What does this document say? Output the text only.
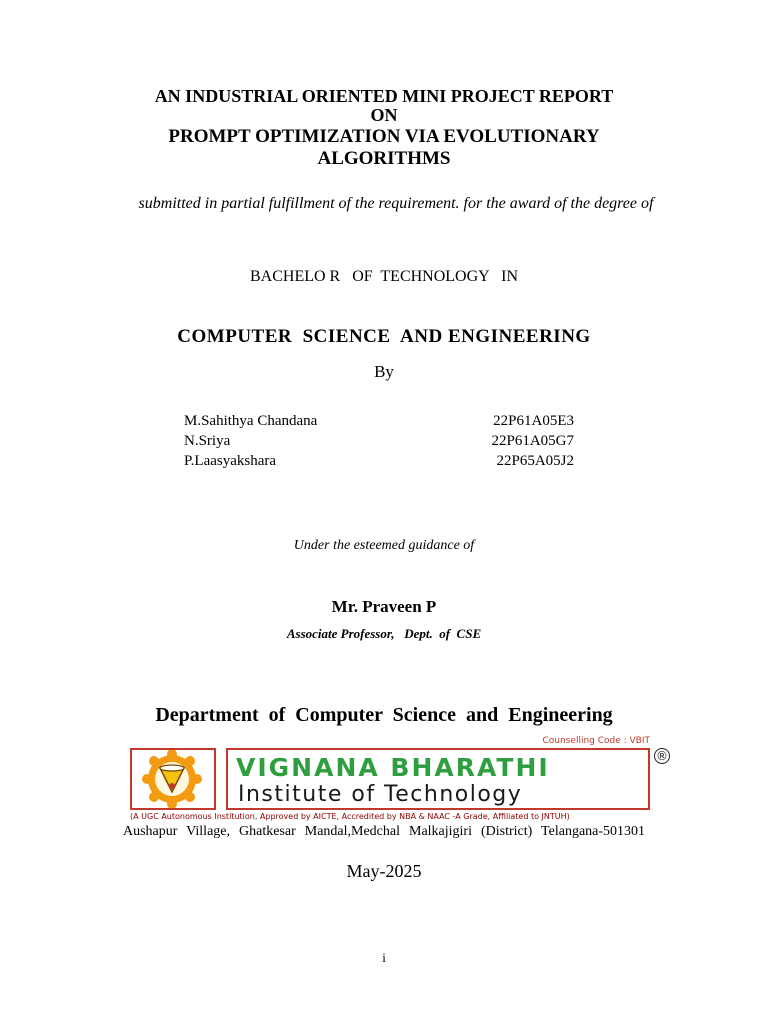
AN INDUSTRIAL ORIENTED MINI PROJECT REPORT
ON
PROMPT OPTIMIZATION VIA EVOLUTIONARY
ALGORITHMS
submitted in partial fulfillment of the requirement. for the award of the degree of
BACHELO R   OF  TECHNOLOGY   IN
COMPUTER  SCIENCE  AND ENGINEERING
By
M.Sahithya Chandana	22P61A05E3
N.Sriya	22P61A05G7
P.Laasyakshara	22P65A05J2
Under the esteemed guidance of
Mr. Praveen P
Associate Professor,   Dept.  of  CSE
Department  of  Computer  Science  and  Engineering
Counselling Code : VBIT
VIGNANA BHARATHI
Institute of Technology
®
(A UGC Autonomous Institution, Approved by AICTE, Accredited by NBA & NAAC -A Grade, Affiliated to JNTUH)
Aushapur  Village,  Ghatkesar  Mandal,Medchal  Malkajigiri  (District)  Telangana-501301
May-2025
i
